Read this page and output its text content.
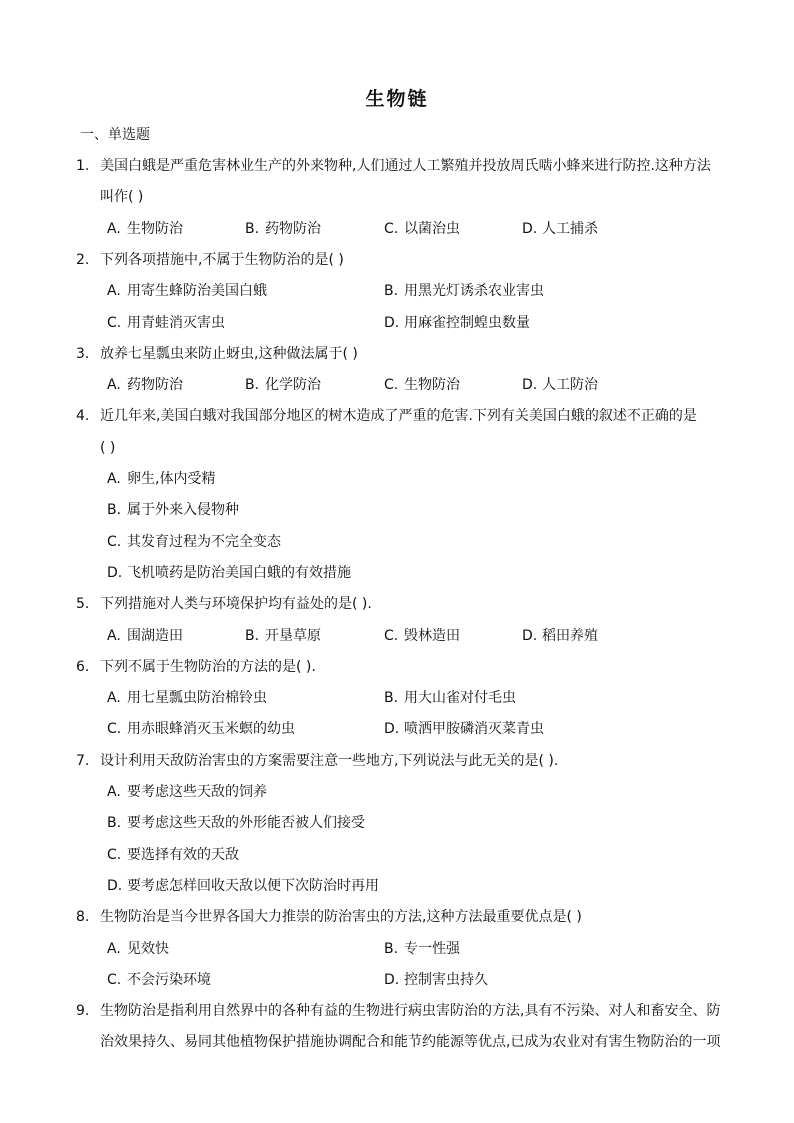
生物链
一、单选题
1. 美国白蛾是严重危害林业生产的外来物种,人们通过人工繁殖并投放周氏啮小蜂来进行防控.这种方法
叫作( )
A. 生物防治	B. 药物防治	C. 以菌治虫	D. 人工捕杀
2. 下列各项措施中,不属于生物防治的是( )
A. 用寄生蜂防治美国白蛾	B. 用黑光灯诱杀农业害虫
C. 用青蛙消灭害虫	D. 用麻雀控制蝗虫数量
3. 放养七星瓢虫来防止蚜虫,这种做法属于( )
A. 药物防治	B. 化学防治	C. 生物防治	D. 人工防治
4. 近几年来,美国白蛾对我国部分地区的树木造成了严重的危害.下列有关美国白蛾的叙述不正确的是
( )
A. 卵生,体内受精
B. 属于外来入侵物种
C. 其发育过程为不完全变态
D. 飞机喷药是防治美国白蛾的有效措施
5. 下列措施对人类与环境保护均有益处的是( ).
A. 围湖造田	B. 开垦草原	C. 毁林造田	D. 稻田养殖
6. 下列不属于生物防治的方法的是( ).
A. 用七星瓢虫防治棉铃虫	B. 用大山雀对付毛虫
C. 用赤眼蜂消灭玉米螟的幼虫	D. 喷洒甲胺磷消灭菜青虫
7. 设计利用天敌防治害虫的方案需要注意一些地方,下列说法与此无关的是( ).
A. 要考虑这些天敌的饲养
B. 要考虑这些天敌的外形能否被人们接受
C. 要选择有效的天敌
D. 要考虑怎样回收天敌以便下次防治时再用
8. 生物防治是当今世界各国大力推崇的防治害虫的方法,这种方法最重要优点是( )
A. 见效快	B. 专一性强
C. 不会污染环境	D. 控制害虫持久
9. 生物防治是指利用自然界中的各种有益的生物进行病虫害防治的方法,具有不污染、对人和畜安全、防
治效果持久、易同其他植物保护措施协调配合和能节约能源等优点,已成为农业对有害生物防治的一项
